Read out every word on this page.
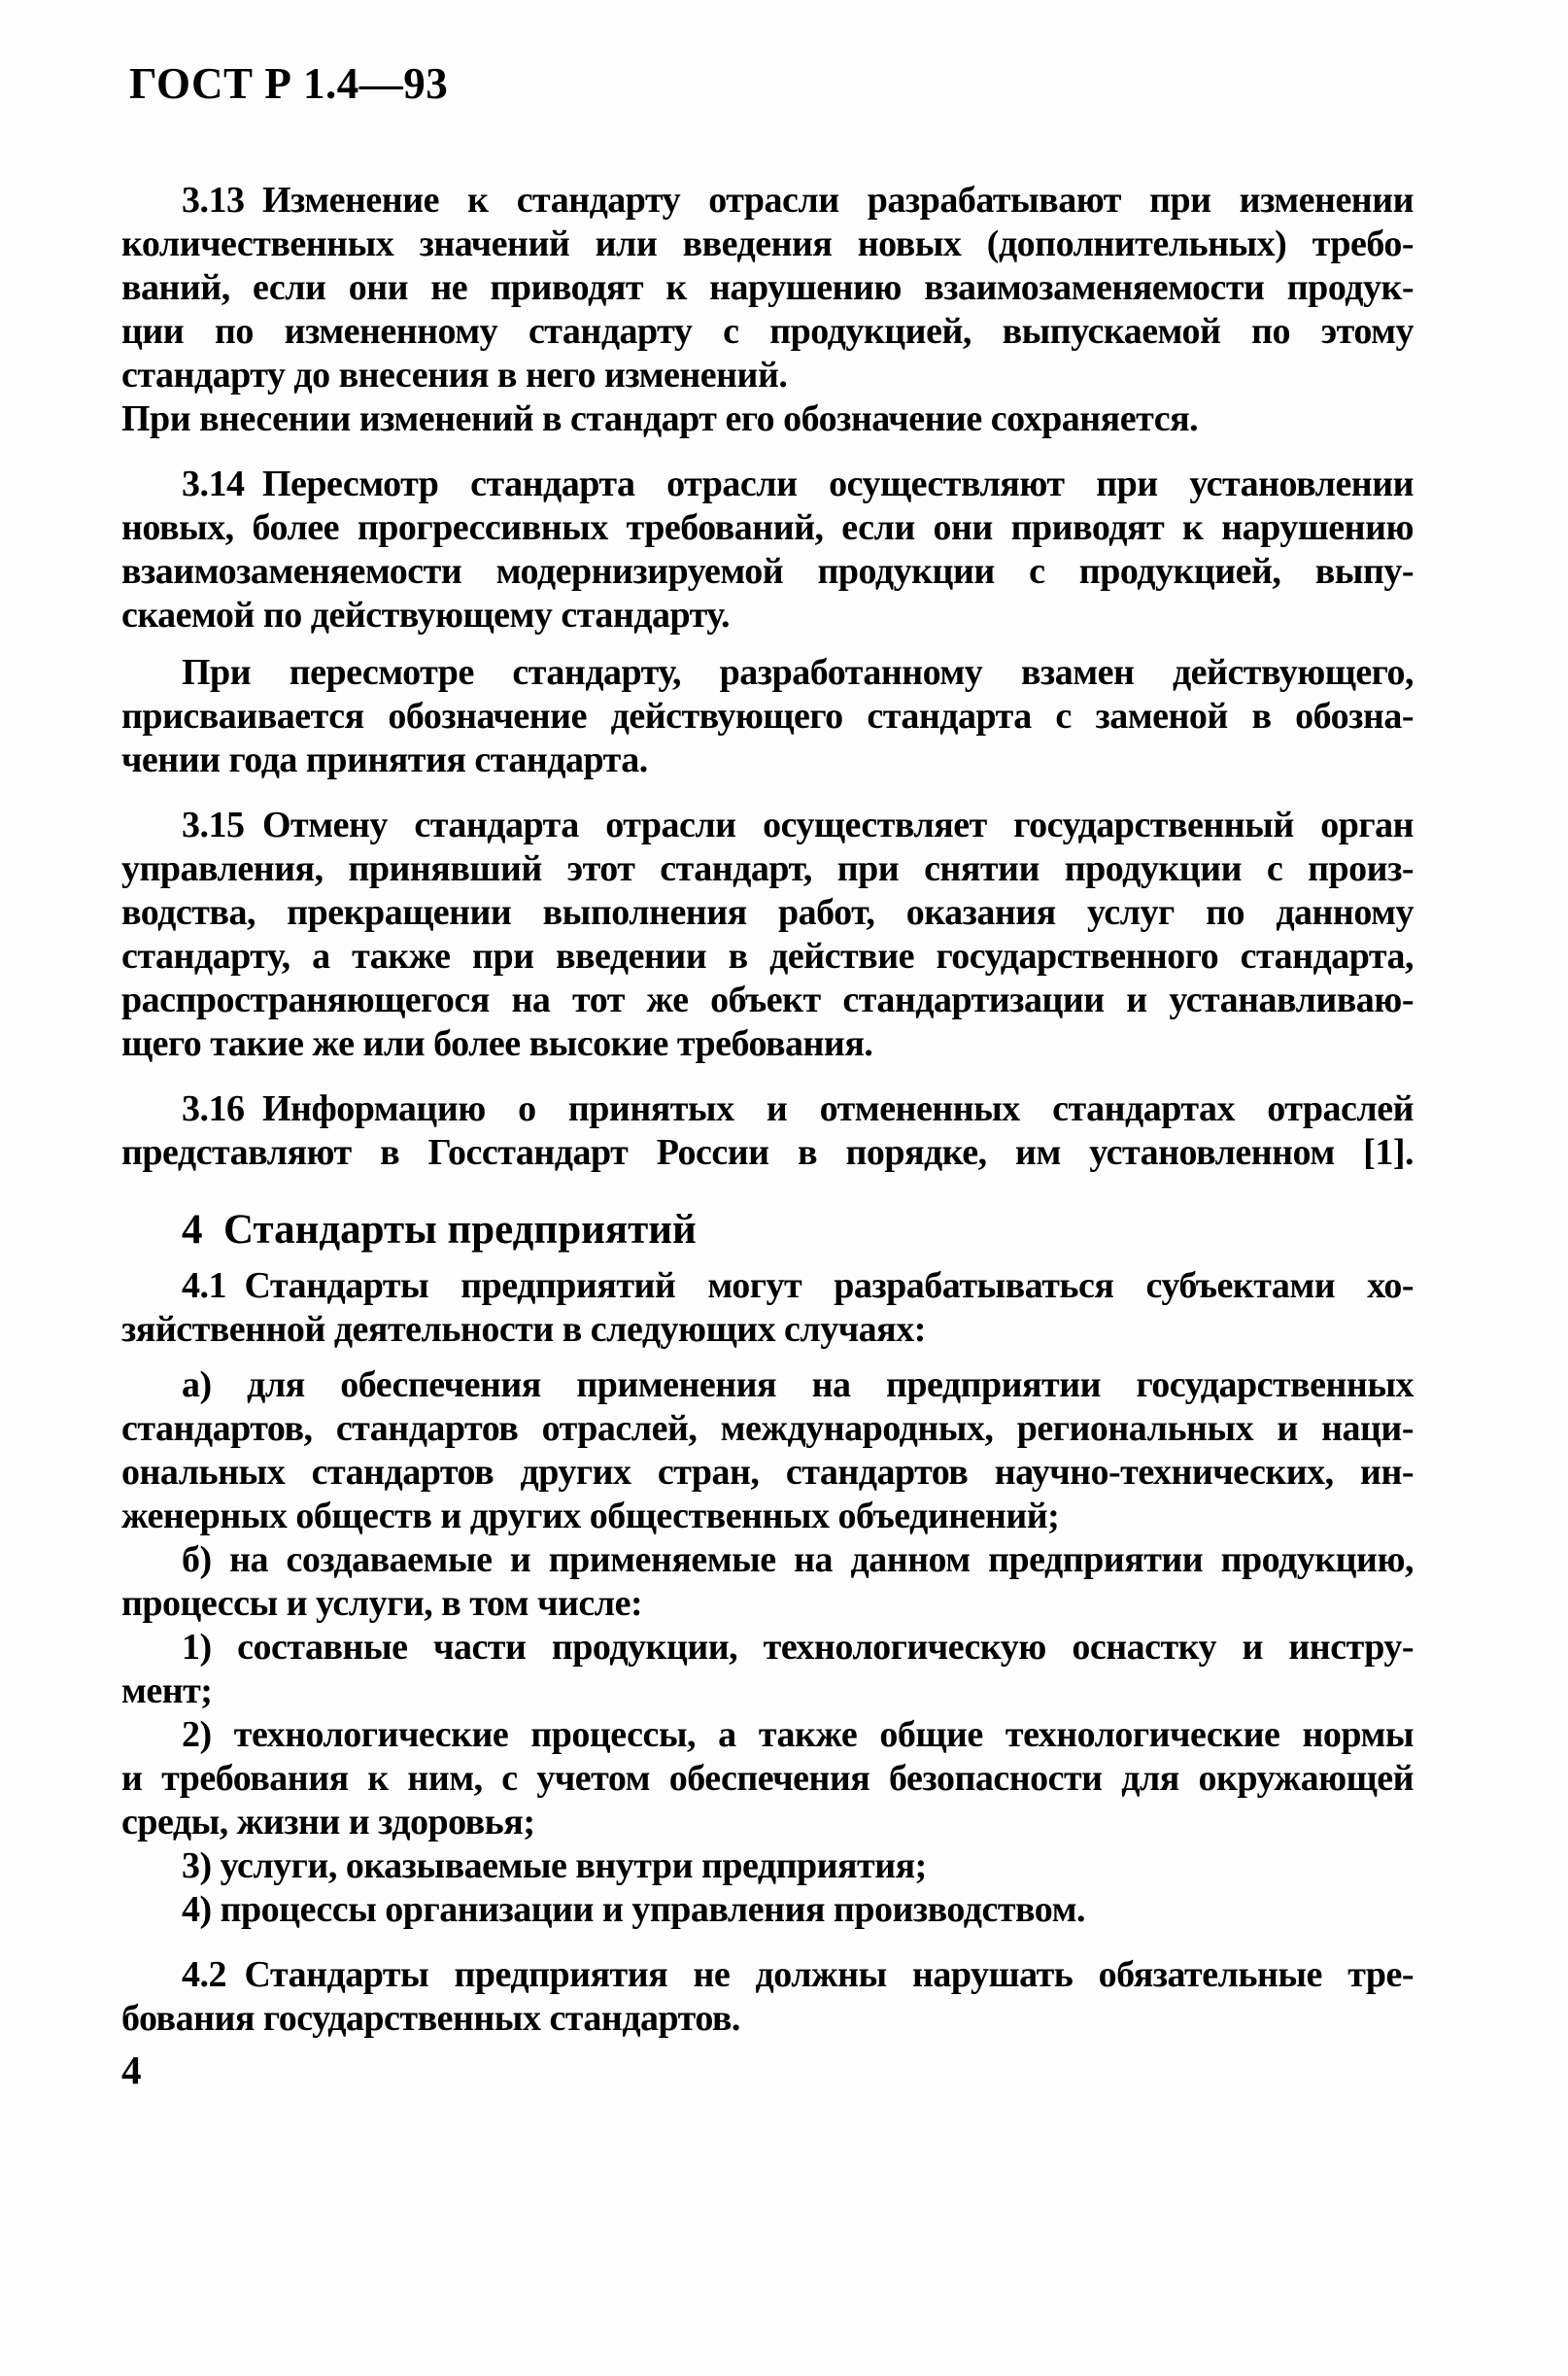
ГОСТ Р 1.4—93
3.13 Изменение к стандарту отрасли разрабатывают при изменении
количественных значений или введения новых (дополнительных) требо-
ваний, если они не приводят к нарушению взаимозаменяемости продук-
ции по измененному стандарту с продукцией, выпускаемой по этому
стандарту до внесения в него изменений.
При внесении изменений в стандарт его обозначение сохраняется.
3.14 Пересмотр стандарта отрасли осуществляют при установлении
новых, более прогрессивных требований, если они приводят к нарушению
взаимозаменяемости модернизируемой продукции с продукцией, выпу-
скаемой по действующему стандарту.
При пересмотре стандарту, разработанному взамен действующего,
присваивается обозначение действующего стандарта с заменой в обозна-
чении года принятия стандарта.
3.15 Отмену стандарта отрасли осуществляет государственный орган
управления, принявший этот стандарт, при снятии продукции с произ-
водства, прекращении выполнения работ, оказания услуг по данному
стандарту, а также при введении в действие государственного стандарта,
распространяющегося на тот же объект стандартизации и устанавливаю-
щего такие же или более высокие требования.
3.16 Информацию о принятых и отмененных стандартах отраслей
представляют в Госстандарт России в порядке, им установленном [1].
4 Стандарты предприятий
4.1 Стандарты предприятий могут разрабатываться субъектами хо-
зяйственной деятельности в следующих случаях:
а) для обеспечения применения на предприятии государственных
стандартов, стандартов отраслей, международных, региональных и наци-
ональных стандартов других стран, стандартов научно-технических, ин-
женерных обществ и других общественных объединений;
б) на создаваемые и применяемые на данном предприятии продукцию,
процессы и услуги, в том числе:
1) составные части продукции, технологическую оснастку и инстру-
мент;
2) технологические процессы, а также общие технологические нормы
и требования к ним, с учетом обеспечения безопасности для окружающей
среды, жизни и здоровья;
3) услуги, оказываемые внутри предприятия;
4) процессы организации и управления производством.
4.2 Стандарты предприятия не должны нарушать обязательные тре-
бования государственных стандартов.
4
